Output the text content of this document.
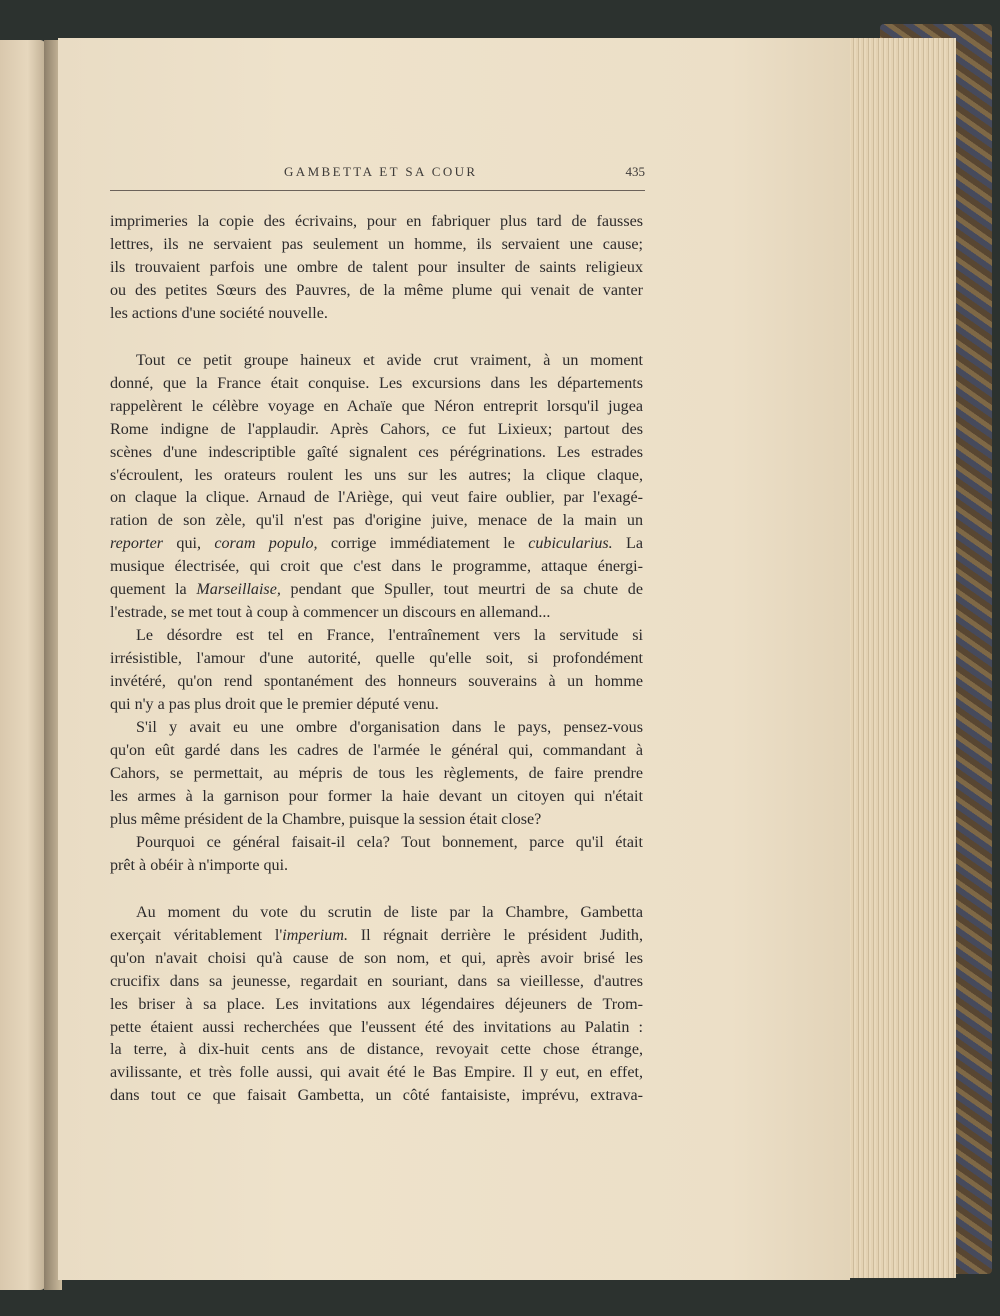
GAMBETTA ET SA COUR	435

imprimeries la copie des écrivains, pour en fabriquer plus tard de fausses
lettres, ils ne servaient pas seulement un homme, ils servaient une cause;
ils trouvaient parfois une ombre de talent pour insulter de saints religieux
ou des petites Sœurs des Pauvres, de la même plume qui venait de vanter
les actions d'une société nouvelle.

Tout ce petit groupe haineux et avide crut vraiment, à un moment
donné, que la France était conquise. Les excursions dans les départements
rappelèrent le célèbre voyage en Achaïe que Néron entreprit lorsqu'il jugea
Rome indigne de l'applaudir. Après Cahors, ce fut Lixieux; partout des
scènes d'une indescriptible gaîté signalent ces pérégrinations. Les estrades
s'écroulent, les orateurs roulent les uns sur les autres; la clique claque,
on claque la clique. Arnaud de l'Ariège, qui veut faire oublier, par l'exagé-
ration de son zèle, qu'il n'est pas d'origine juive, menace de la main un
reporter qui, coram populo, corrige immédiatement le cubicularius. La
musique électrisée, qui croit que c'est dans le programme, attaque énergi-
quement la Marseillaise, pendant que Spuller, tout meurtri de sa chute de
l'estrade, se met tout à coup à commencer un discours en allemand...

Le désordre est tel en France, l'entraînement vers la servitude si
irrésistible, l'amour d'une autorité, quelle qu'elle soit, si profondément
invétéré, qu'on rend spontanément des honneurs souverains à un homme
qui n'y a pas plus droit que le premier député venu.

S'il y avait eu une ombre d'organisation dans le pays, pensez-vous
qu'on eût gardé dans les cadres de l'armée le général qui, commandant à
Cahors, se permettait, au mépris de tous les règlements, de faire prendre
les armes à la garnison pour former la haie devant un citoyen qui n'était
plus même président de la Chambre, puisque la session était close?

Pourquoi ce général faisait-il cela? Tout bonnement, parce qu'il était
prêt à obéir à n'importe qui.

Au moment du vote du scrutin de liste par la Chambre, Gambetta
exerçait véritablement l'imperium. Il régnait derrière le président Judith,
qu'on n'avait choisi qu'à cause de son nom, et qui, après avoir brisé les
crucifix dans sa jeunesse, regardait en souriant, dans sa vieillesse, d'autres
les briser à sa place. Les invitations aux légendaires déjeuners de Trom-
pette étaient aussi recherchées que l'eussent été des invitations au Palatin :
la terre, à dix-huit cents ans de distance, revoyait cette chose étrange,
avilissante, et très folle aussi, qui avait été le Bas Empire. Il y eut, en effet,
dans tout ce que faisait Gambetta, un côté fantaisiste, imprévu, extrava-
